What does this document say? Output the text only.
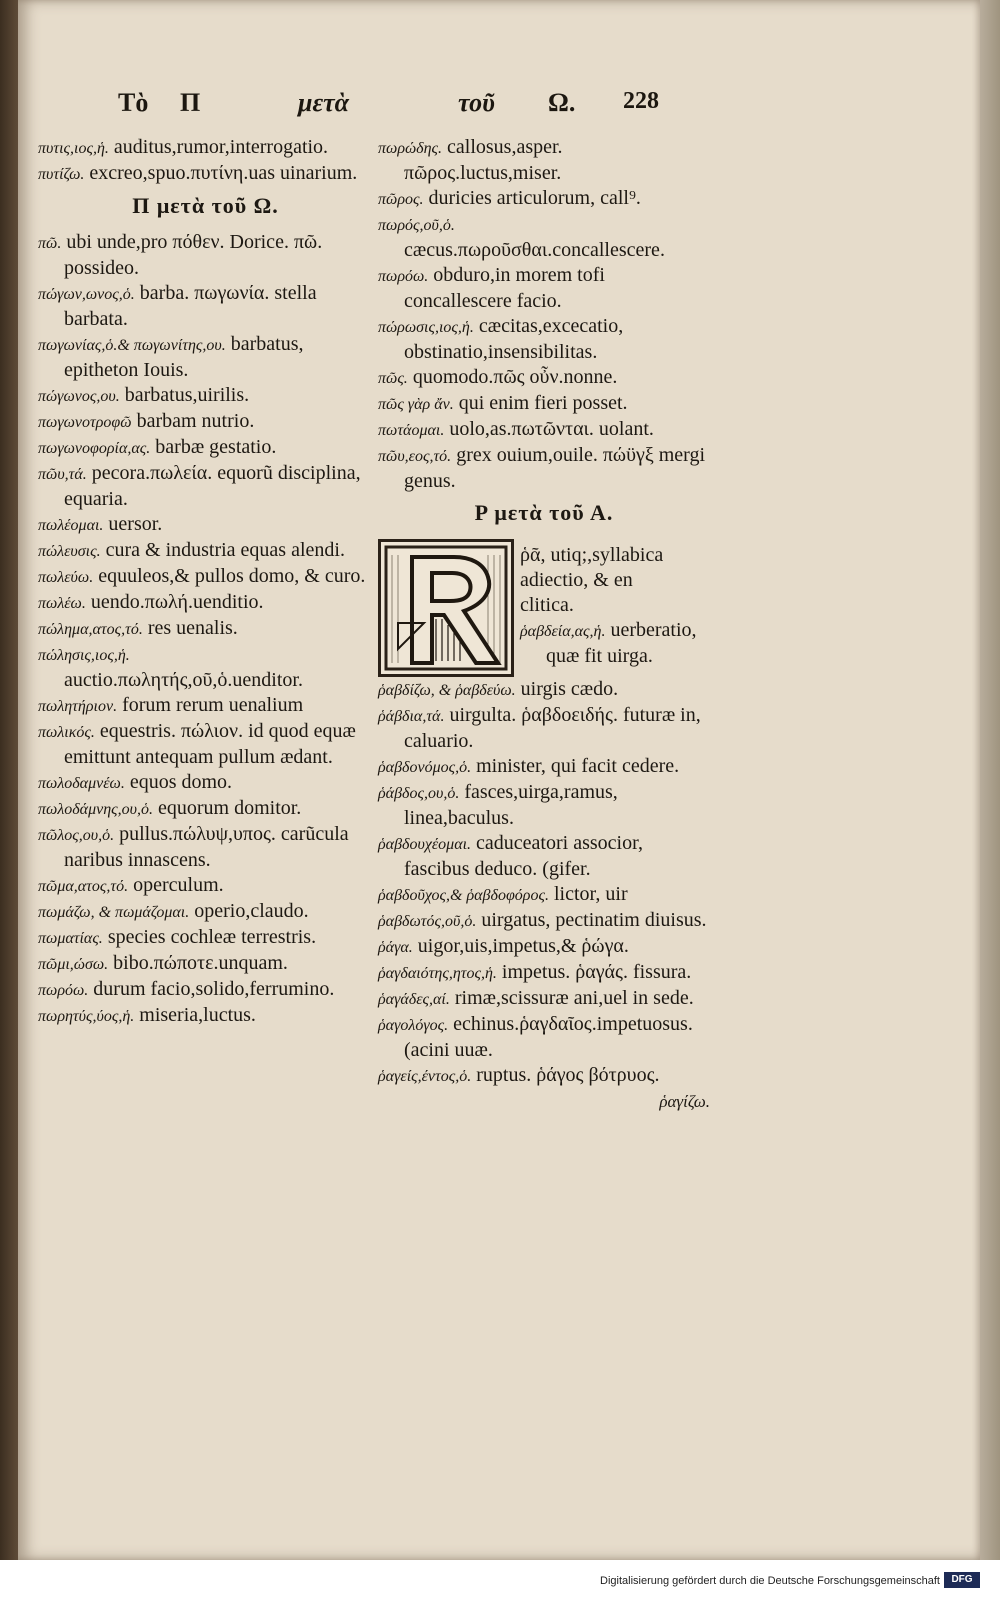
Τὸ Π	μετὰ	τοῦ Ω. 228

πυτις,ιος,ἡ. auditus,rumor,interrogatio.

πυτίζω. excreo,spuo.πυτίνη.uas uinarium.

Π μετὰ τοῦ Ω.

πῶ. ubi unde,pro πόθεν. Dorice. πῶ. possideo.

πώγων,ωνος,ὁ. barba. πωγωνία. stella barbata.

πωγωνίας,ὁ.& πωγωνίτης,ου. barbatus, epitheton Iouis.

πώγωνος,ου. barbatus,uirilis.

πωγωνοτροφῶ barbam nutrio.

πωγωνοφορία,ας. barbæ gestatio.

πῶυ,τά. pecora.πωλεία. equorũ disciplina, equaria.

πωλέομαι. uersor.

πώλευσις. cura & industria equas alendi.

πωλεύω. equuleos,& pullos domo, & curo.

πωλέω. uendo.πωλή.uenditio.

πώλημα,ατος,τό. res uenalis.

πώλησις,ιος,ἡ. auctio.πωλητής,οῦ,ὁ.uenditor.

πωλητήριον. forum rerum uenalium

πωλικός. equestris. πώλιον. id quod equæ emittunt antequam pullum ædant.

πωλοδαμνέω. equos domo.

πωλοδάμνης,ου,ὁ. equorum domitor.

πῶλος,ου,ὁ. pullus.πώλυψ,υπος. carũcula naribus innascens.

πῶμα,ατος,τό. operculum.

πωμάζω, & πωμάζομαι. operio,claudo.

πωματίας. species cochleæ terrestris.

πῶμι,ώσω. bibo.πώποτε.unquam.

πωρόω. durum facio,solido,ferrumino.

πωρητύς,ύος,ἡ. miseria,luctus.

πωρώδης. callosus,asper. πῶρος.luctus,miser.

πῶρος. duricies articulorum, call⁹.

πωρός,οῦ,ὁ. cæcus.πωροῦσθαι.concallescere.

πωρόω. obduro,in morem tofi concallescere facio.

πώρωσις,ιος,ἡ. cæcitas,excecatio, obstinatio,insensibilitas.

πῶς. quomodo.πῶς οὖν.nonne.

πῶς γὰρ ἄν. qui enim fieri posset.

πωτάομαι. uolo,as.πωτῶνται. uolant.

πῶυ,εος,τό. grex ouium,ouile. πώϋγξ mergi genus.

Ρ μετὰ τοῦ Α.

ῥᾶ, utiq;,syllabica

adiectio, & en

clitica.

ῥαβδεία,ας,ἡ. uerberatio, quæ fit uirga.

ῥαβδίζω, & ῥαβδεύω. uirgis cædo.

ῥάβδια,τά. uirgulta. ῥαβδοειδής. futuræ in, caluario.

ῥαβδονόμος,ὁ. minister, qui facit cedere.

ῥάβδος,ου,ὁ. fasces,uirga,ramus, linea,baculus.

ῥαβδουχέομαι. caduceatori associor, fascibus deduco. (gifer.

ῥαβδοῦχος,& ῥαβδοφόρος. lictor, uir

ῥαβδωτός,οῦ,ὁ. uirgatus, pectinatim diuisus.

ῥάγα. uigor,uis,impetus,& ῥώγα.

ῥαγδαιότης,ητος,ἡ. impetus. ῥαγάς. fissura.

ῥαγάδες,αί. rimæ,scissuræ ani,uel in sede.

ῥαγολόγος. echinus.ῥαγδαῖος.impetuosus. (acini uuæ.

ῥαγείς,έντος,ὁ. ruptus. ῥάγος βότρυος.

ῥαγίζω.
Digitalisierung gefördert durch die Deutsche Forschungsgemeinschaft	DFG
